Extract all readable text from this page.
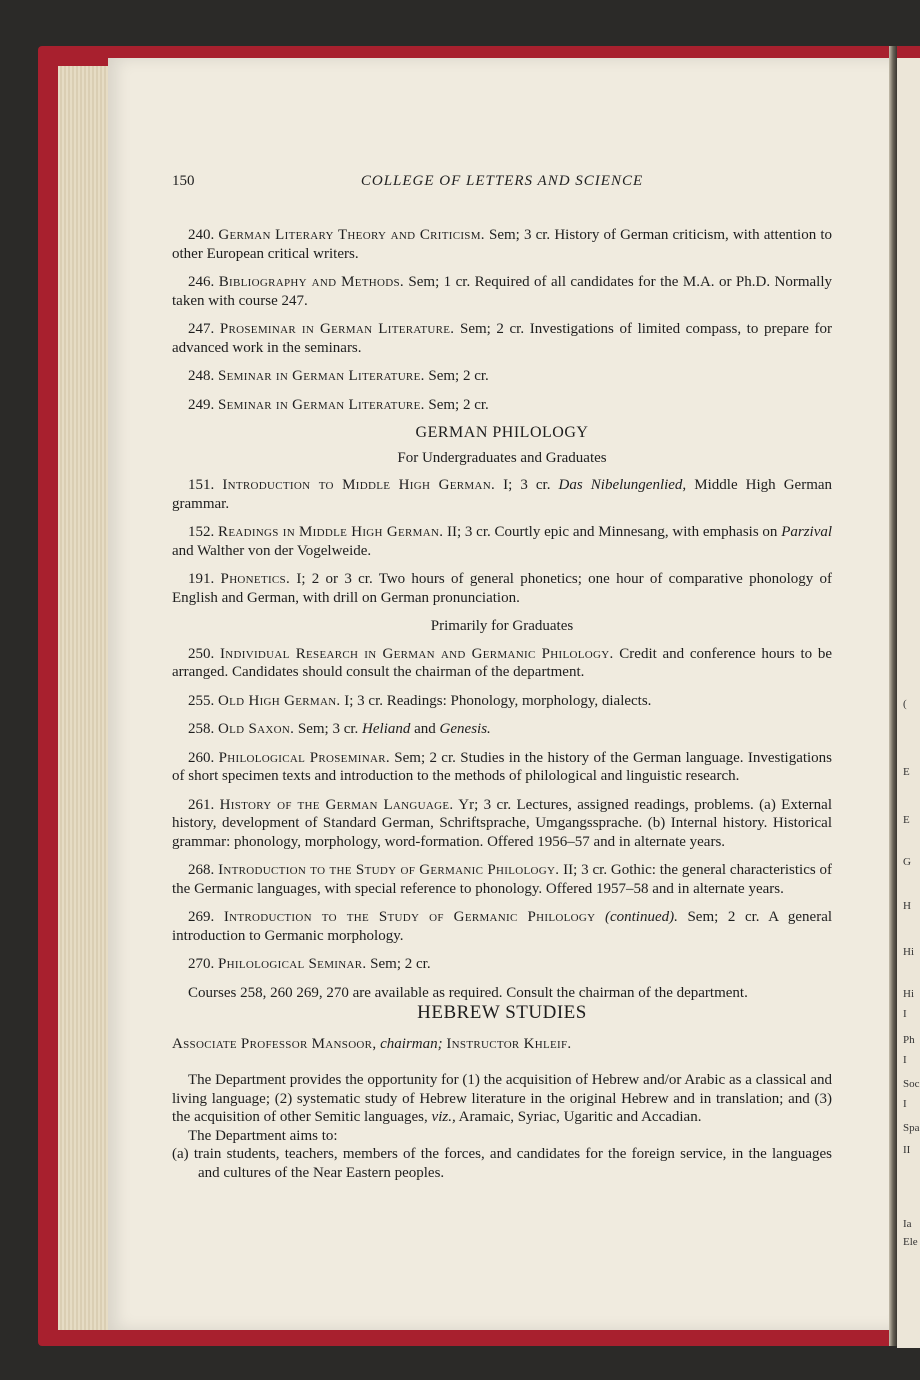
(
E
E
G
H
Hi
Hi
I
Ph
I
Soc
I
Spa
II
Ia
Ele
150	COLLEGE OF LETTERS AND SCIENCE

240. German Literary Theory and Criticism. Sem; 3 cr. History of German criticism, with attention to other European critical writers.

246. Bibliography and Methods. Sem; 1 cr. Required of all candidates for the M.A. or Ph.D. Normally taken with course 247.

247. Proseminar in German Literature. Sem; 2 cr. Investigations of limited compass, to prepare for advanced work in the seminars.

248. Seminar in German Literature. Sem; 2 cr.

249. Seminar in German Literature. Sem; 2 cr.

GERMAN PHILOLOGY

For Undergraduates and Graduates

151. Introduction to Middle High German. I; 3 cr. Das Nibelungenlied, Middle High German grammar.

152. Readings in Middle High German. II; 3 cr. Courtly epic and Minnesang, with emphasis on Parzival and Walther von der Vogelweide.

191. Phonetics. I; 2 or 3 cr. Two hours of general phonetics; one hour of comparative phonology of English and German, with drill on German pronunciation.

Primarily for Graduates

250. Individual Research in German and Germanic Philology. Credit and conference hours to be arranged. Candidates should consult the chairman of the department.

255. Old High German. I; 3 cr. Readings: Phonology, morphology, dialects.

258. Old Saxon. Sem; 3 cr. Heliand and Genesis.

260. Philological Proseminar. Sem; 2 cr. Studies in the history of the German language. Investigations of short specimen texts and introduction to the methods of philological and linguistic research.

261. History of the German Language. Yr; 3 cr. Lectures, assigned readings, problems. (a) External history, development of Standard German, Schriftsprache, Umgangssprache. (b) Internal history. Historical grammar: phonology, morphology, word-formation. Offered 1956–57 and in alternate years.

268. Introduction to the Study of Germanic Philology. II; 3 cr. Gothic: the general characteristics of the Germanic languages, with special reference to phonology. Offered 1957–58 and in alternate years.

269. Introduction to the Study of Germanic Philology (continued). Sem; 2 cr. A general introduction to Germanic morphology.

270. Philological Seminar. Sem; 2 cr.

Courses 258, 260 269, 270 are available as required. Consult the chairman of the department.

HEBREW STUDIES

Associate Professor Mansoor, chairman; Instructor Khleif.

The Department provides the opportunity for (1) the acquisition of Hebrew and/or Arabic as a classical and living language; (2) systematic study of Hebrew literature in the original Hebrew and in translation; and (3) the acquisition of other Semitic languages, viz., Aramaic, Syriac, Ugaritic and Accadian.

The Department aims to:

(a) train students, teachers, members of the forces, and candidates for the foreign service, in the languages and cultures of the Near Eastern peoples.
